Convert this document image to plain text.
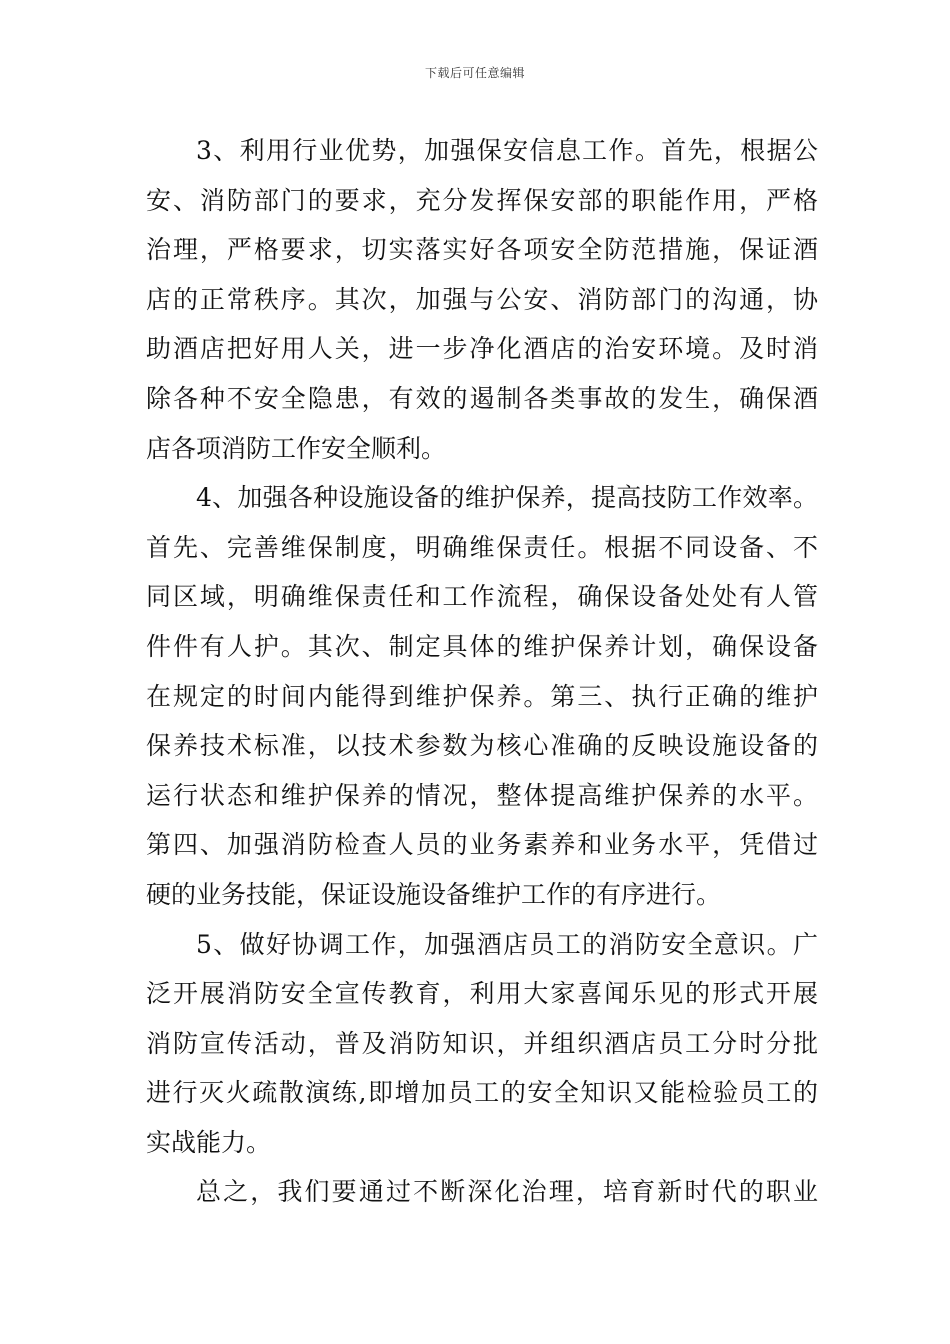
下载后可任意编辑
3、利用行业优势，加强保安信息工作。首先，根据公
安、消防部门的要求，充分发挥保安部的职能作用，严格
治理，严格要求，切实落实好各项安全防范措施，保证酒
店的正常秩序。其次，加强与公安、消防部门的沟通，协
助酒店把好用人关，进一步净化酒店的治安环境。及时消
除各种不安全隐患，有效的遏制各类事故的发生，确保酒
店各项消防工作安全顺利。
4、加强各种设施设备的维护保养，提高技防工作效率。
首先、完善维保制度，明确维保责任。根据不同设备、不
同区域，明确维保责任和工作流程，确保设备处处有人管
件件有人护。其次、制定具体的维护保养计划，确保设备
在规定的时间内能得到维护保养。第三、执行正确的维护
保养技术标准，以技术参数为核心准确的反映设施设备的
运行状态和维护保养的情况，整体提高维护保养的水平。
第四、加强消防检查人员的业务素养和业务水平，凭借过
硬的业务技能，保证设施设备维护工作的有序进行。
5、做好协调工作，加强酒店员工的消防安全意识。广
泛开展消防安全宣传教育，利用大家喜闻乐见的形式开展
消防宣传活动，普及消防知识，并组织酒店员工分时分批
进行灭火疏散演练,即增加员工的安全知识又能检验员工的
实战能力。
总之，我们要通过不断深化治理，培育新时代的职业
